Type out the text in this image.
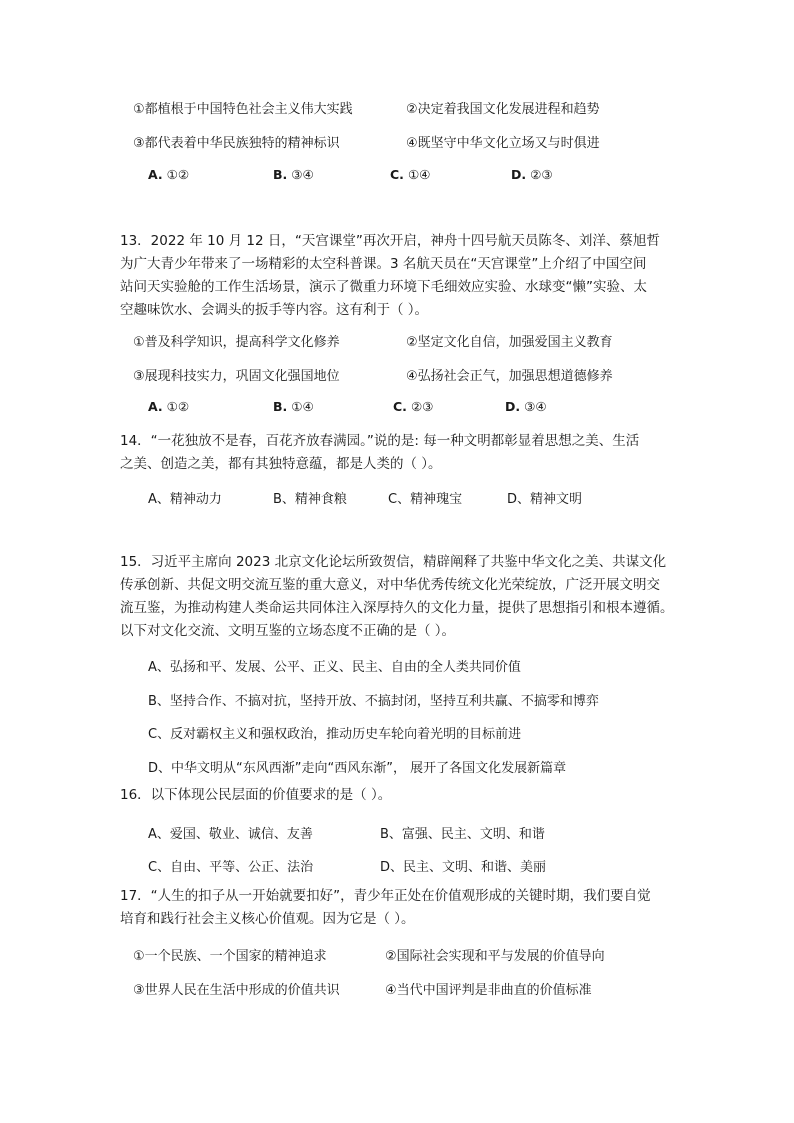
①都植根于中国特色社会主义伟大实践	②决定着我国文化发展进程和趋势
③都代表着中华民族独特的精神标识	④既坚守中华文化立场又与时俱进
A. ①②	B. ③④	C. ①④	D. ②③

13．2022 年 10 月 12 日，“天宫课堂”再次开启，神舟十四号航天员陈冬、刘洋、蔡旭哲

为广大青少年带来了一场精彩的太空科普课。3 名航天员在“天宫课堂”上介绍了中国空间

站问天实验舱的工作生活场景，演示了微重力环境下毛细效应实验、水球变“懒”实验、太

空趣味饮水、会调头的扳手等内容。这有利于（ ）。

①普及科学知识，提高科学文化修养	②坚定文化自信，加强爱国主义教育
③展现科技实力，巩固文化强国地位	④弘扬社会正气，加强思想道德修养
A. ①②	B. ①④	C. ②③	D. ③④

14．“一花独放不是春，百花齐放春满园。”说的是: 每一种文明都彰显着思想之美、生活

之美、创造之美，都有其独特意蕴，都是人类的（ ）。

A、精神动力	B、精神食粮	C、精神瑰宝	D、精神文明

15．习近平主席向 2023 北京文化论坛所致贺信，精辟阐释了共鉴中华文化之美、共谋文化

传承创新、共促文明交流互鉴的重大意义，对中华优秀传统文化光荣绽放，广泛开展文明交

流互鉴，为推动构建人类命运共同体注入深厚持久的文化力量，提供了思想指引和根本遵循。

以下对文化交流、文明互鉴的立场态度不正确的是（ ）。

A、弘扬和平、发展、公平、正义、民主、自由的全人类共同价值
B、坚持合作、不搞对抗，坚持开放、不搞封闭，坚持互利共赢、不搞零和博弈
C、反对霸权主义和强权政治，推动历史车轮向着光明的目标前进
D、中华文明从“东风西渐”走向“西风东渐”， 展开了各国文化发展新篇章

16．以下体现公民层面的价值要求的是（ ）。

A、爱国、敬业、诚信、友善	B、富强、民主、文明、和谐
C、自由、平等、公正、法治	D、民主、文明、和谐、美丽

17．“人生的扣子从一开始就要扣好”，青少年正处在价值观形成的关键时期，我们要自觉

培育和践行社会主义核心价值观。因为它是（ ）。

①一个民族、一个国家的精神追求	②国际社会实现和平与发展的价值导向
③世界人民在生活中形成的价值共识	④当代中国评判是非曲直的价值标准
